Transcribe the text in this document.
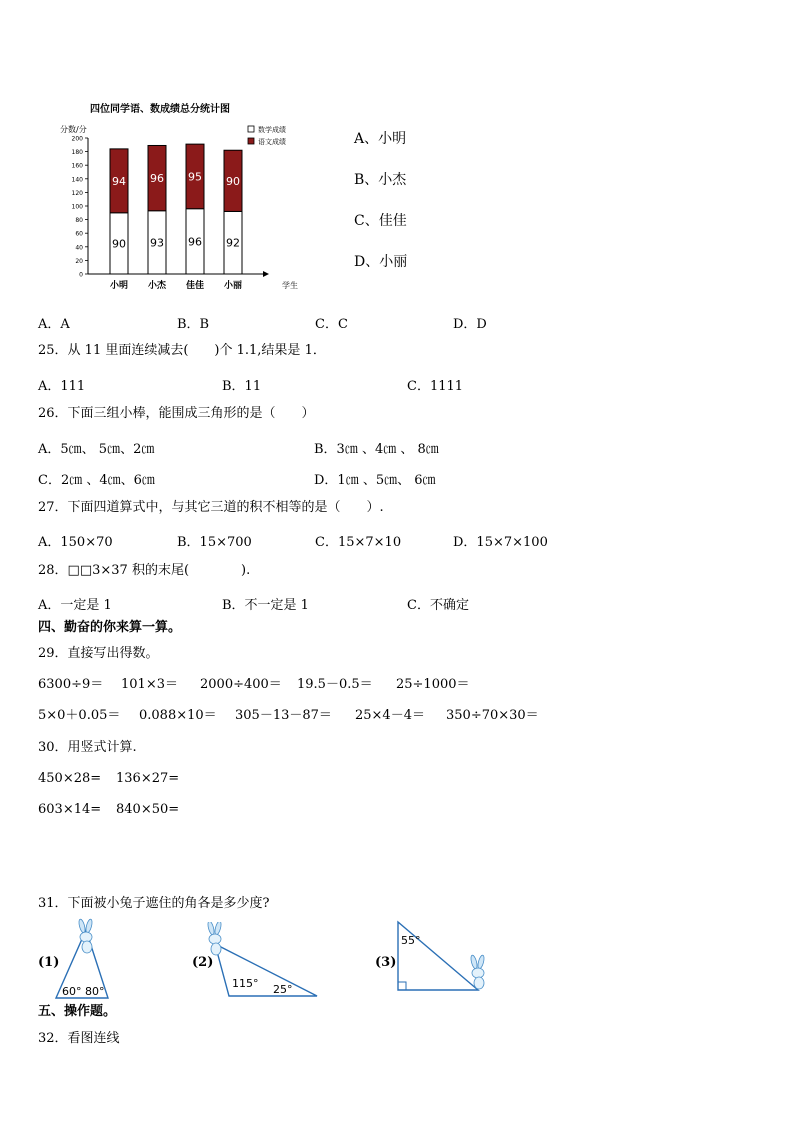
四位同学语、数成绩总分统计图
分数/分	数学成绩
语文成绩
0
20
40
60
80
100
120
140
160
180
200
90
94
93
96
96
95
92
90
小明 小杰 佳佳 小丽	学生
A、小明
B、小杰
C、佳佳
D、小丽
A．A	B．B	C．C	D．D
25．从 11 里面连续减去(　　)个 1.1,结果是 1．
A．111	B．11	C．1111
26．下面三组小棒，能围成三角形的是（　　）
A．5㎝、 5㎝、2㎝	B．3㎝ 、4㎝ 、 8㎝
C．2㎝ 、4㎝、6㎝	D．1㎝ 、5㎝、 6㎝
27．下面四道算式中，与其它三道的积不相等的是（　　）.
A．150×70	B．15×700	C．15×7×10	D．15×7×100
28．□□3×37 积的末尾(　　　　).
A．一定是 1	B．不一定是 1	C．不确定
四、勤奋的你来算一算。
29．直接写出得数。
6300÷9＝ 101×3＝ 2000÷400＝ 19.5－0.5＝ 25÷1000＝
5×0＋0.05＝ 0.088×10＝ 305－13－87＝ 25×4－4＝ 350÷70×30＝
30．用竖式计算.
450×28= 136×27=
603×14= 840×50=
31．下面被小兔子遮住的角各是多少度?
(1)	(2)	(3)
60° 80°
115° 25°
55°
五、操作题。
32．看图连线
